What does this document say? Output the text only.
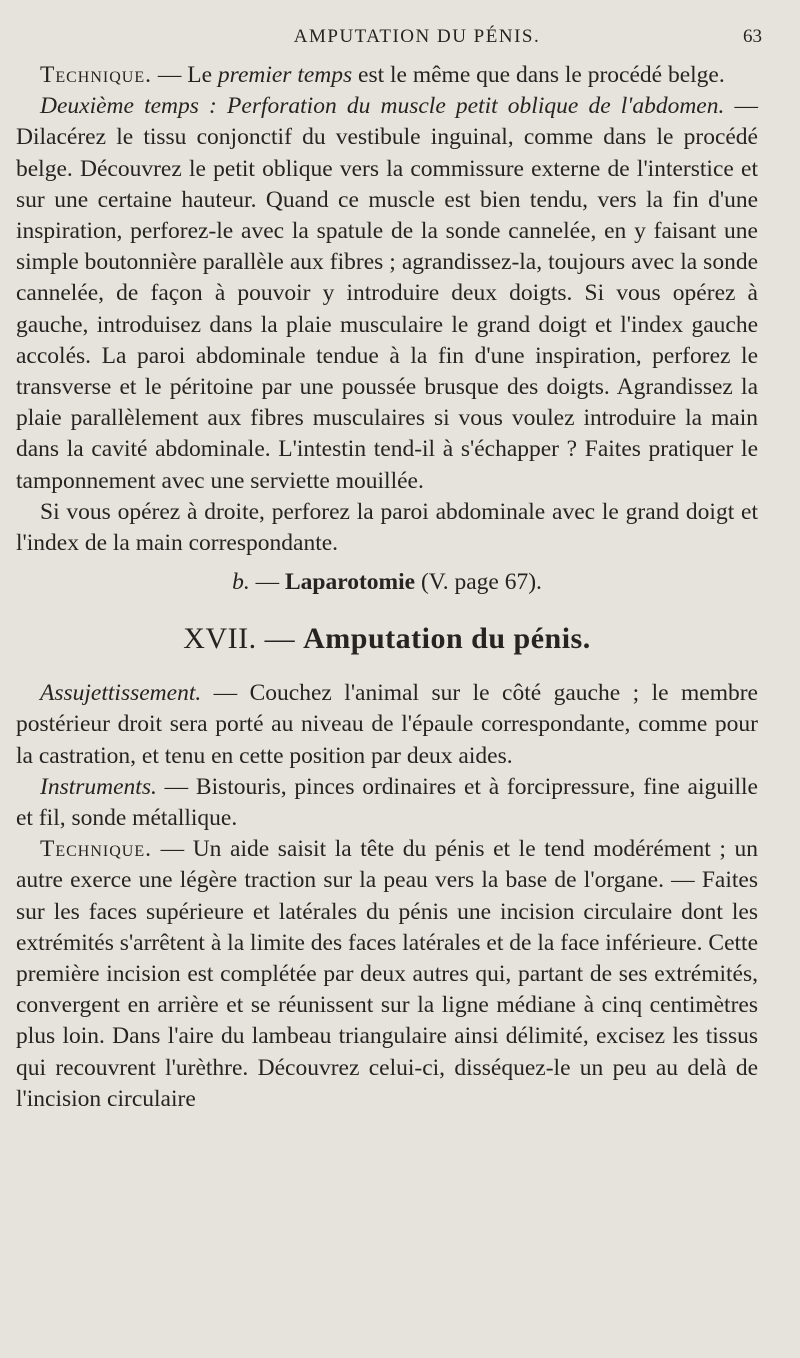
AMPUTATION DU PÉNIS.	63

Technique. — Le premier temps est le même que dans le procédé belge.

Deuxième temps : Perforation du muscle petit oblique de l'abdomen. — Dilacérez le tissu conjonctif du vestibule inguinal, comme dans le procédé belge. Découvrez le petit oblique vers la commissure externe de l'interstice et sur une certaine hauteur. Quand ce muscle est bien tendu, vers la fin d'une inspiration, perforez-le avec la spatule de la sonde cannelée, en y faisant une simple boutonnière parallèle aux fibres ; agrandissez-la, toujours avec la sonde cannelée, de façon à pouvoir y introduire deux doigts. Si vous opérez à gauche, introduisez dans la plaie musculaire le grand doigt et l'index gauche accolés. La paroi abdominale tendue à la fin d'une inspiration, perforez le transverse et le péritoine par une poussée brusque des doigts. Agrandissez la plaie parallèlement aux fibres musculaires si vous voulez introduire la main dans la cavité abdominale. L'intestin tend-il à s'échapper ? Faites pratiquer le tamponnement avec une serviette mouillée.

Si vous opérez à droite, perforez la paroi abdominale avec le grand doigt et l'index de la main correspondante.

b. — Laparotomie (V. page 67).
XVII. — Amputation du pénis.

Assujettissement. — Couchez l'animal sur le côté gauche ; le membre postérieur droit sera porté au niveau de l'épaule correspondante, comme pour la castration, et tenu en cette position par deux aides.

Instruments. — Bistouris, pinces ordinaires et à forcipressure, fine aiguille et fil, sonde métallique.

Technique. — Un aide saisit la tête du pénis et le tend modérément ; un autre exerce une légère traction sur la peau vers la base de l'organe. — Faites sur les faces supérieure et latérales du pénis une incision circulaire dont les extrémités s'arrêtent à la limite des faces latérales et de la face inférieure. Cette première incision est complétée par deux autres qui, partant de ses extrémités, convergent en arrière et se réunissent sur la ligne médiane à cinq centimètres plus loin. Dans l'aire du lambeau triangulaire ainsi délimité, excisez les tissus qui recouvrent l'urèthre. Découvrez celui-ci, disséquez-le un peu au delà de l'incision circulaire
